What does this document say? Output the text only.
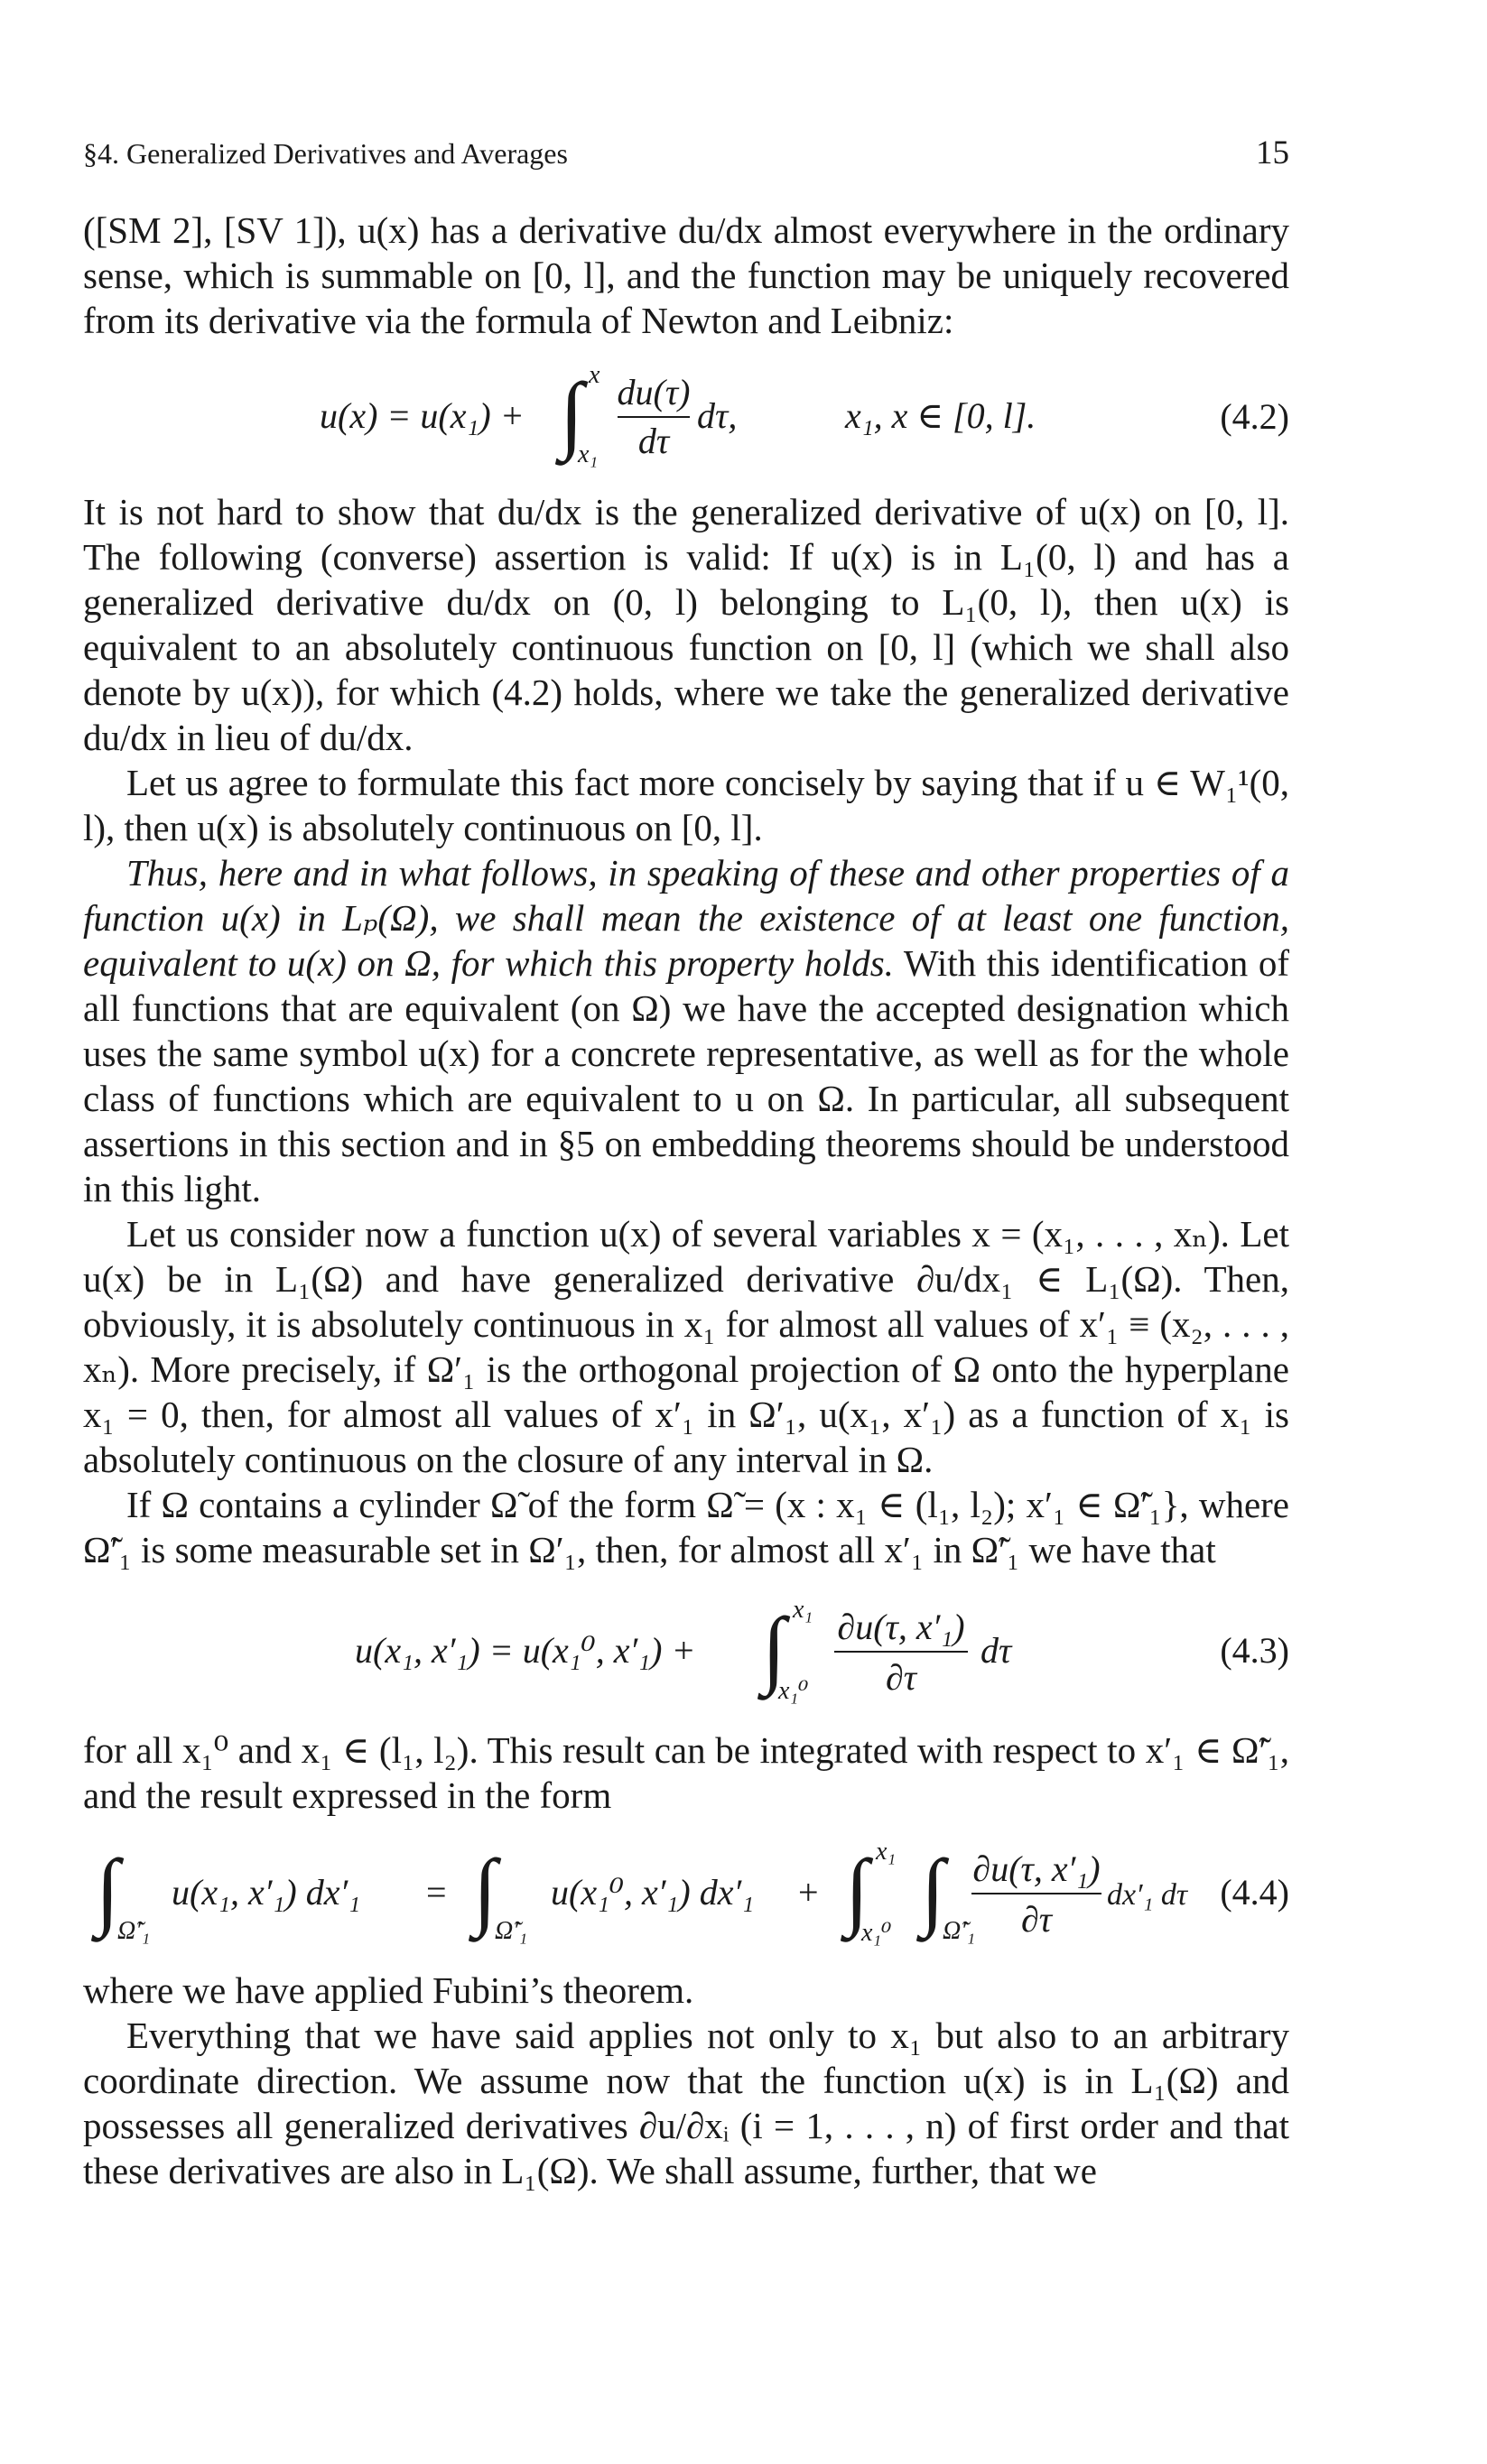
§4. Generalized Derivatives and Averages	15

([SM 2], [SV 1]), u(x) has a derivative du/dx almost everywhere in the ordinary sense, which is summable on [0, l], and the function may be uniquely recovered from its derivative via the formula of Newton and Leibniz:

u(x) = u(x₁) + ∫ x
x₁
du(τ)
dτ
dτ,	x₁, x ∈ [0, l].	(4.2)

It is not hard to show that du/dx is the generalized derivative of u(x) on [0, l]. The following (converse) assertion is valid: If u(x) is in L₁(0, l) and has a generalized derivative du/dx on (0, l) belonging to L₁(0, l), then u(x) is equivalent to an absolutely continuous function on [0, l] (which we shall also denote by u(x)), for which (4.2) holds, where we take the generalized derivative du/dx in lieu of du/dx.

Let us agree to formulate this fact more concisely by saying that if u ∈ W₁¹(0, l), then u(x) is absolutely continuous on [0, l].

Thus, here and in what follows, in speaking of these and other properties of a function u(x) in Lₚ(Ω), we shall mean the existence of at least one function, equivalent to u(x) on Ω, for which this property holds. With this identification of all functions that are equivalent (on Ω) we have the accepted designation which uses the same symbol u(x) for a concrete representative, as well as for the whole class of functions which are equivalent to u on Ω. In particular, all subsequent assertions in this section and in §5 on embedding theorems should be understood in this light.

Let us consider now a function u(x) of several variables x = (x₁, . . . , xₙ). Let u(x) be in L₁(Ω) and have generalized derivative ∂u/dx₁ ∈ L₁(Ω). Then, obviously, it is absolutely continuous in x₁ for almost all values of x′₁ ≡ (x₂, . . . , xₙ). More precisely, if Ω′₁ is the orthogonal projection of Ω onto the hyperplane x₁ = 0, then, for almost all values of x′₁ in Ω′₁, u(x₁, x′₁) as a function of x₁ is absolutely continuous on the closure of any interval in Ω.

If Ω contains a cylinder Ω̃ of the form Ω̃ = (x : x₁ ∈ (l₁, l₂); x′₁ ∈ Ω̃′₁}, where Ω̃′₁ is some measurable set in Ω′₁, then, for almost all x′₁ in Ω̃′₁ we have that

u(x₁, x′₁) = u(x₁⁰, x′₁) + ∫ x₁
x₁⁰
∂u(τ, x′₁)
∂τ
dτ	(4.3)

for all x₁⁰ and x₁ ∈ (l₁, l₂). This result can be integrated with respect to x′₁ ∈ Ω̃′₁, and the result expressed in the form

∫
Ω̃′₁
u(x₁, x′₁) dx′₁ = ∫
Ω̃′₁
u(x₁⁰, x′₁) dx′₁ + ∫ x₁
x₁⁰ ∫
Ω̃′₁
∂u(τ, x′₁)
∂τ
dx′₁ dτ (4.4)

where we have applied Fubini’s theorem.

Everything that we have said applies not only to x₁ but also to an arbitrary coordinate direction. We assume now that the function u(x) is in L₁(Ω) and possesses all generalized derivatives ∂u/∂xᵢ (i = 1, . . . , n) of first order and that these derivatives are also in L₁(Ω). We shall assume, further, that we
